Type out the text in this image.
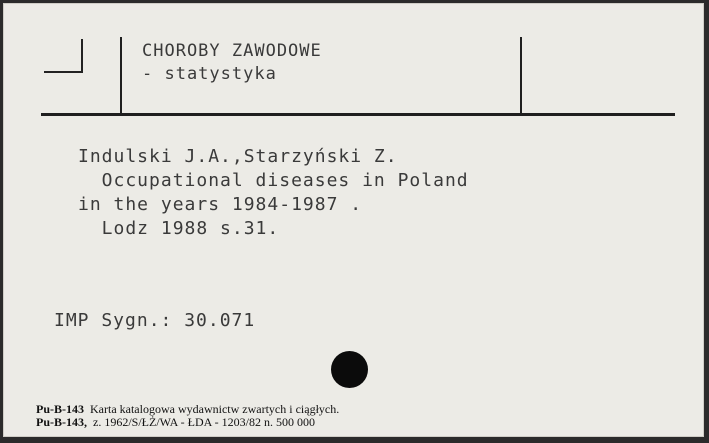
CHOROBY ZAWODOWE
- statystyka
Indulski J.A.,Starzyński Z.
Occupational diseases in Poland
in the years 1984-1987 .
Lodz 1988 s.31.
IMP Sygn.: 30.071
Pu-B-143 Karta katalogowa wydawnictw zwartych i ciągłych.
Pu-B-143, z. 1962/S/ŁŻ/WA - ŁDA - 1203/82 n. 500 000
